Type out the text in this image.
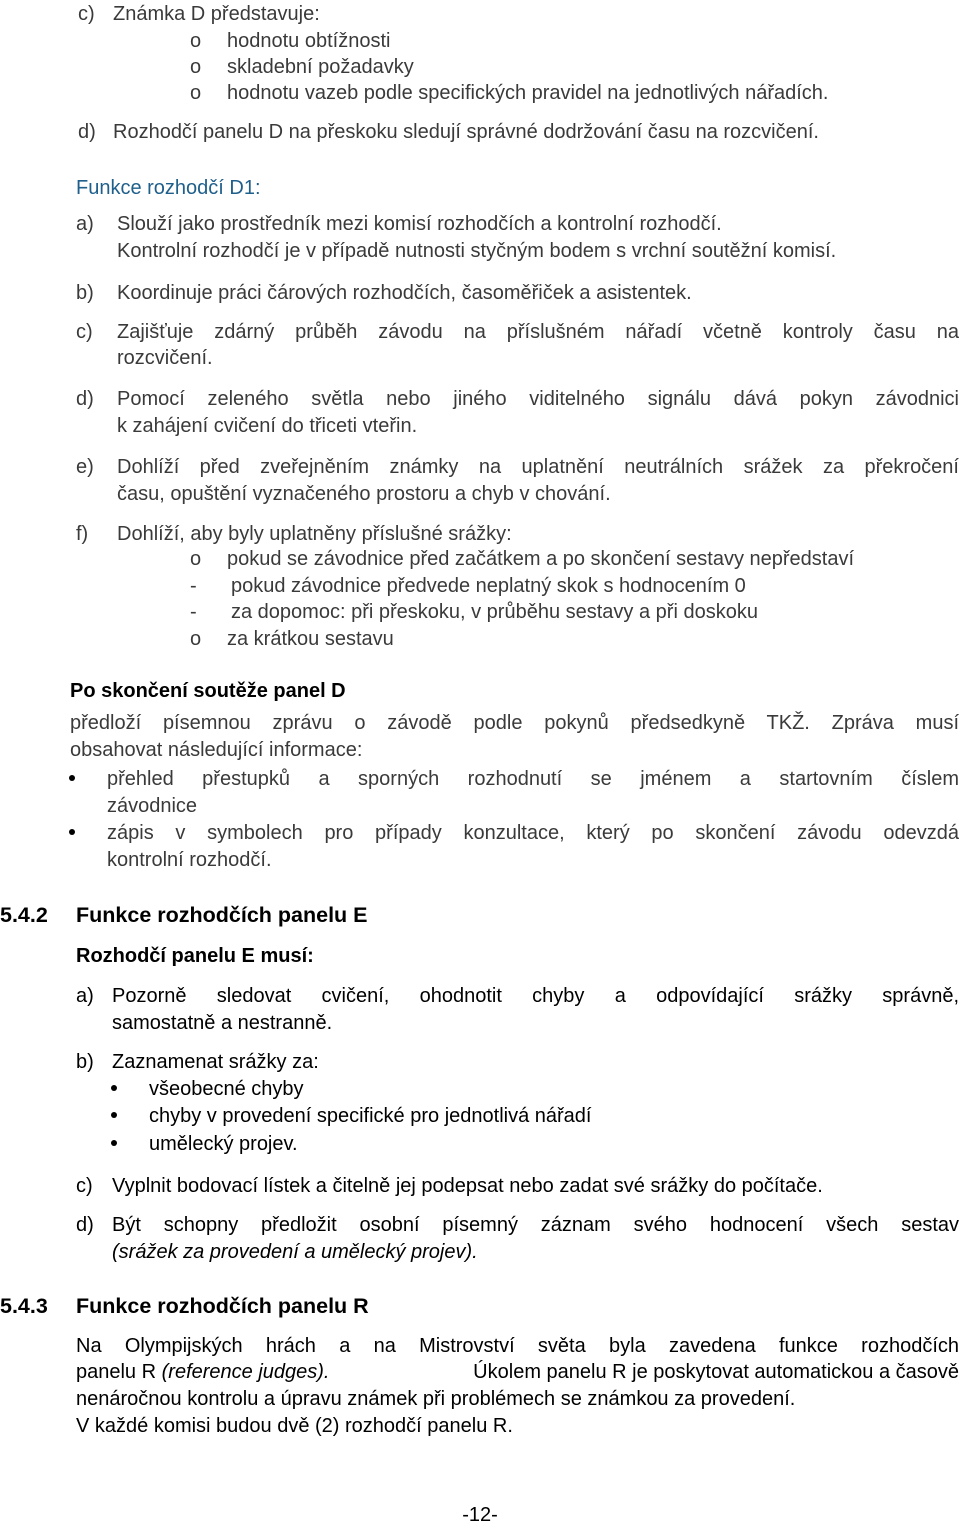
c) Známka D představuje:
o hodnotu obtížnosti
o skladební požadavky
o hodnotu vazeb podle specifických pravidel na jednotlivých nářadích.
d) Rozhodčí panelu D na přeskoku sledují správné dodržování času na rozcvičení.
Funkce rozhodčí D1:
a) Slouží jako prostředník mezi komisí rozhodčích a kontrolní rozhodčí.
Kontrolní rozhodčí je v případě nutnosti styčným bodem s vrchní soutěžní komisí.
b) Koordinuje práci čárových rozhodčích, časoměřiček a asistentek.
c) Zajišťuje zdárný průběh závodu na příslušném nářadí včetně kontroly času na
rozcvičení.
d) Pomocí zeleného světla nebo jiného viditelného signálu dává pokyn závodnici
k zahájení cvičení do třiceti vteřin.
e) Dohlíží před zveřejněním známky na uplatnění neutrálních srážek za překročení
času, opuštění vyznačeného prostoru a chyb v chování.
f) Dohlíží, aby byly uplatněny příslušné srážky:
o pokud se závodnice před začátkem a po skončení sestavy nepředstaví
- pokud závodnice předvede neplatný skok s hodnocením 0
- za dopomoc: při přeskoku, v průběhu sestavy a při doskoku
o za krátkou sestavu
Po skončení soutěže panel D
předloží písemnou zprávu o závodě podle pokynů předsedkyně TKŽ. Zpráva musí
obsahovat následující informace:
přehled přestupků a sporných rozhodnutí se jménem a startovním číslem
závodnice
zápis v symbolech pro případy konzultace, který po skončení závodu odevzdá
kontrolní rozhodčí.
5.4.2 Funkce rozhodčích panelu E
Rozhodčí panelu E musí:
a) Pozorně sledovat cvičení, ohodnotit chyby a odpovídající srážky správně,
samostatně a nestranně.
b) Zaznamenat srážky za:
všeobecné chyby
chyby v provedení specifické pro jednotlivá nářadí
umělecký projev.
c) Vyplnit bodovací lístek a čitelně jej podepsat nebo zadat své srážky do počítače.
d) Být schopny předložit osobní písemný záznam svého hodnocení všech sestav
(srážek za provedení a umělecký projev).
5.4.3 Funkce rozhodčích panelu R
Na Olympijských hrách a na Mistrovství světa byla zavedena funkce rozhodčích
panelu R (reference judges).	Úkolem panelu R je poskytovat automatickou a časově
nenáročnou kontrolu a úpravu známek při problémech se známkou za provedení.
V každé komisi budou dvě (2) rozhodčí panelu R.
-12-
